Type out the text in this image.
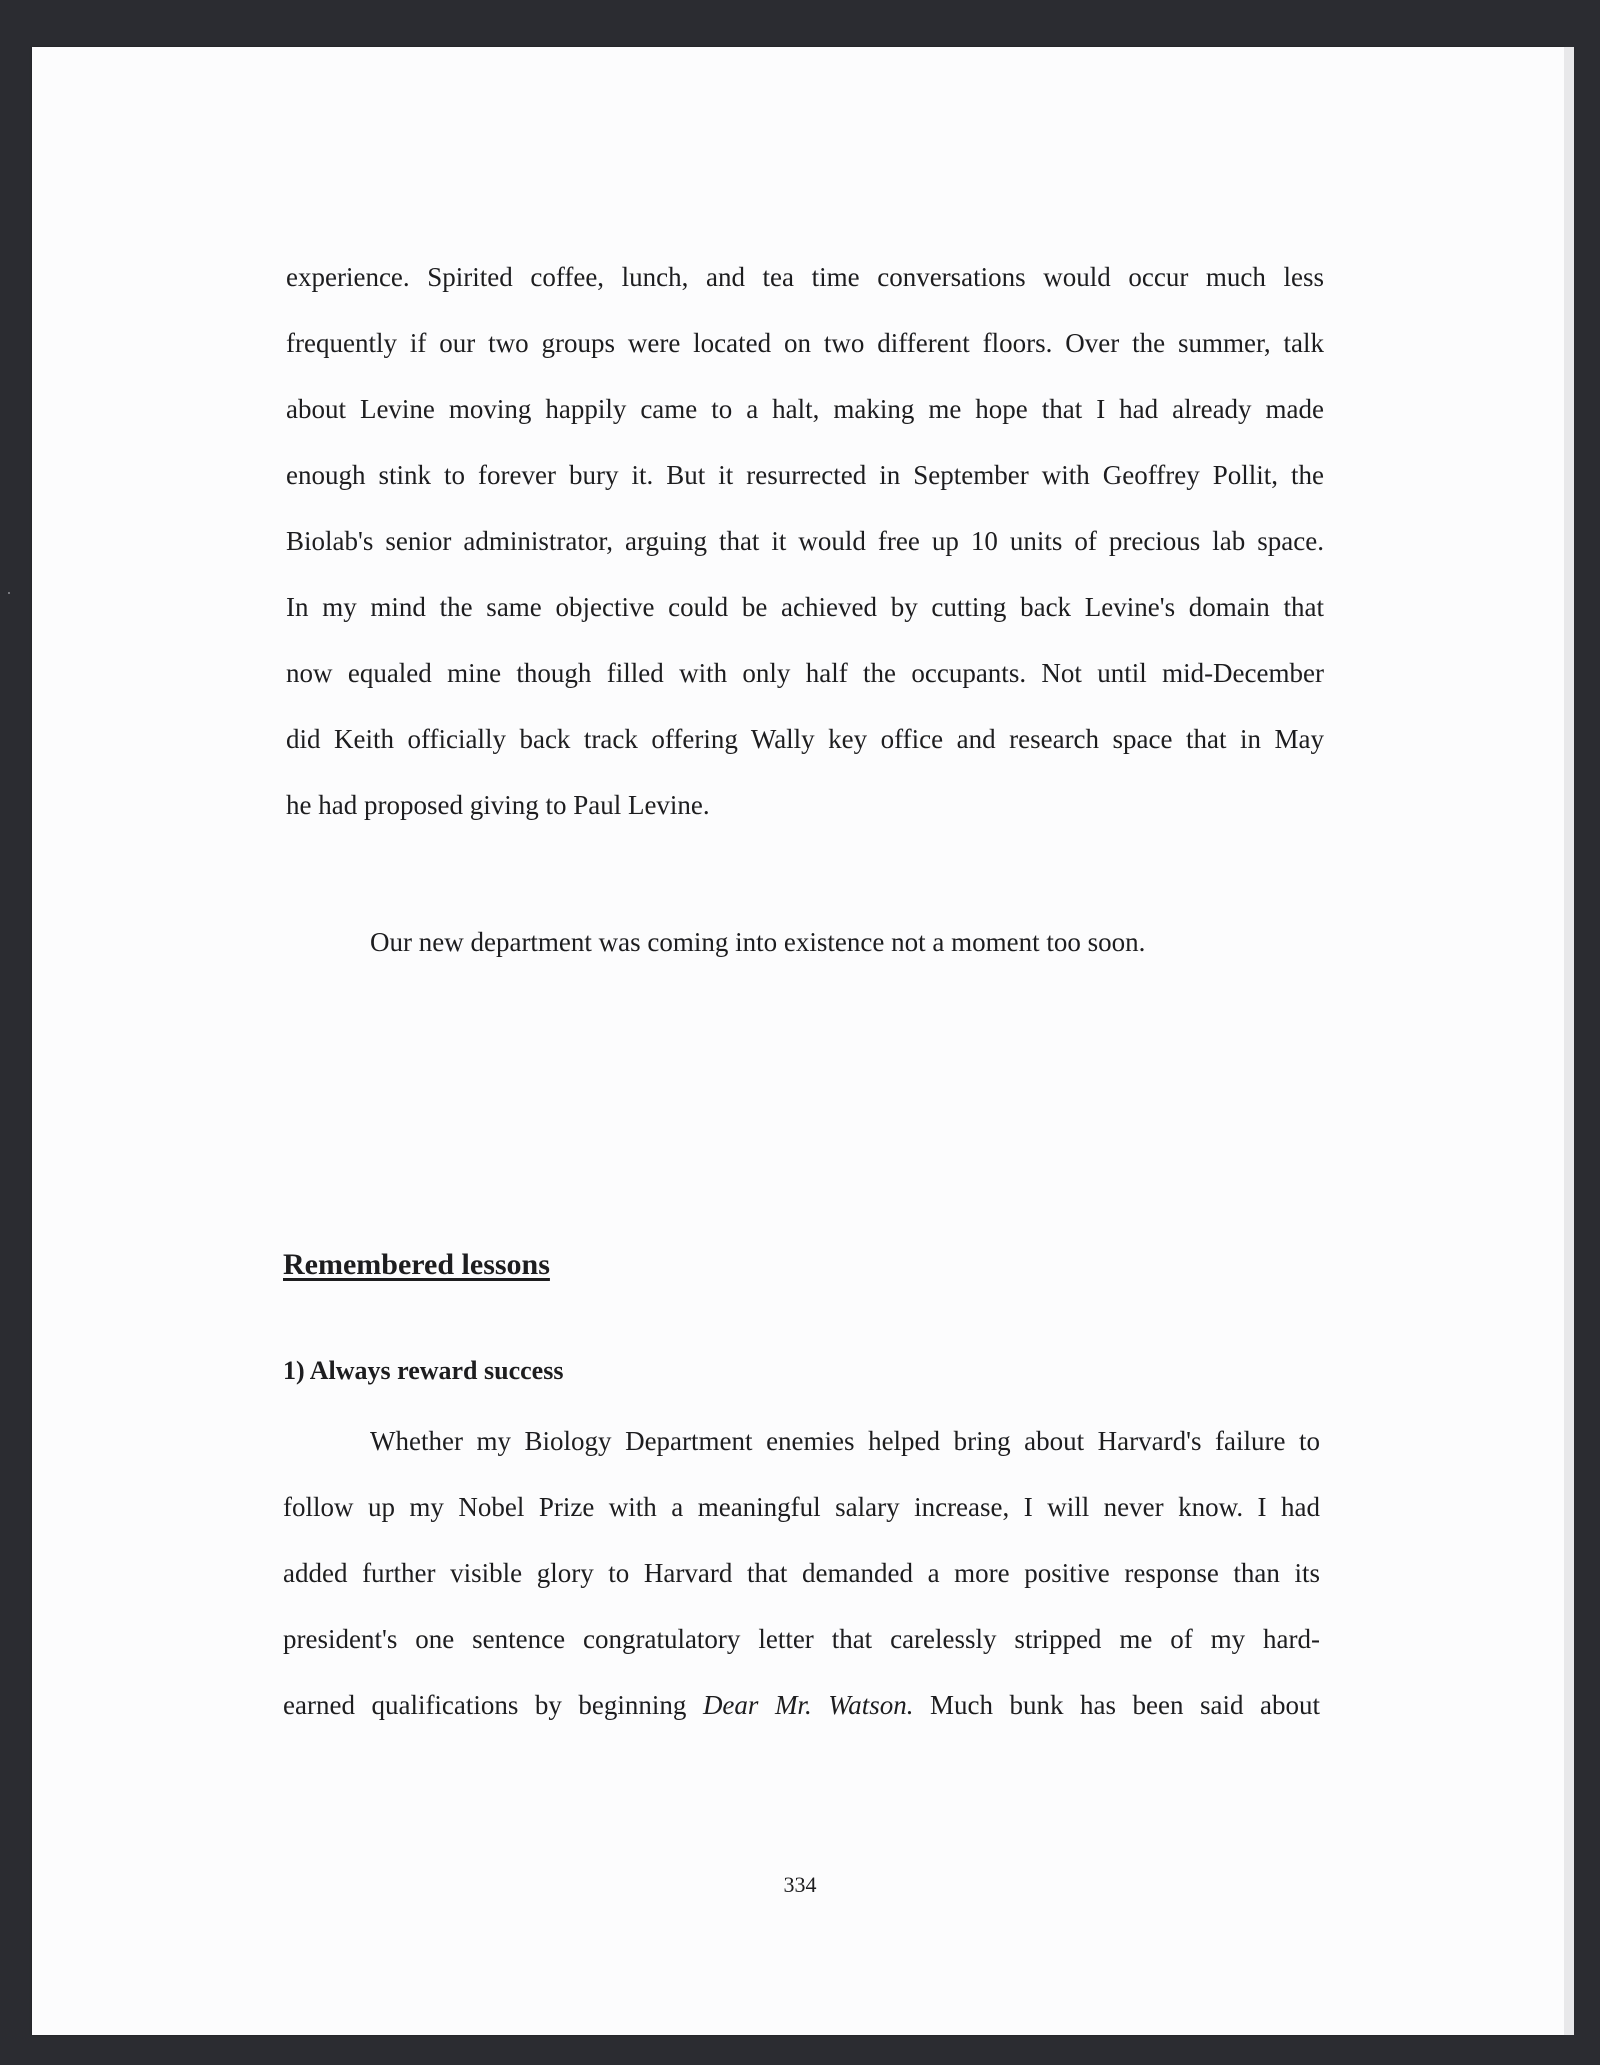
experience. Spirited coffee, lunch, and tea time conversations would occur much less
frequently if our two groups were located on two different floors. Over the summer, talk
about Levine moving happily came to a halt, making me hope that I had already made
enough stink to forever bury it. But it resurrected in September with Geoffrey Pollit, the
Biolab's senior administrator, arguing that it would free up 10 units of precious lab space.
In my mind the same objective could be achieved by cutting back Levine's domain that
now equaled mine though filled with only half the occupants. Not until mid-December
did Keith officially back track offering Wally key office and research space that in May
he had proposed giving to Paul Levine.
Our new department was coming into existence not a moment too soon.
Remembered lessons
1) Always reward success
Whether my Biology Department enemies helped bring about Harvard's failure to
follow up my Nobel Prize with a meaningful salary increase, I will never know. I had
added further visible glory to Harvard that demanded a more positive response than its
president's one sentence congratulatory letter that carelessly stripped me of my hard-
earned qualifications by beginning Dear Mr. Watson. Much bunk has been said about
334
